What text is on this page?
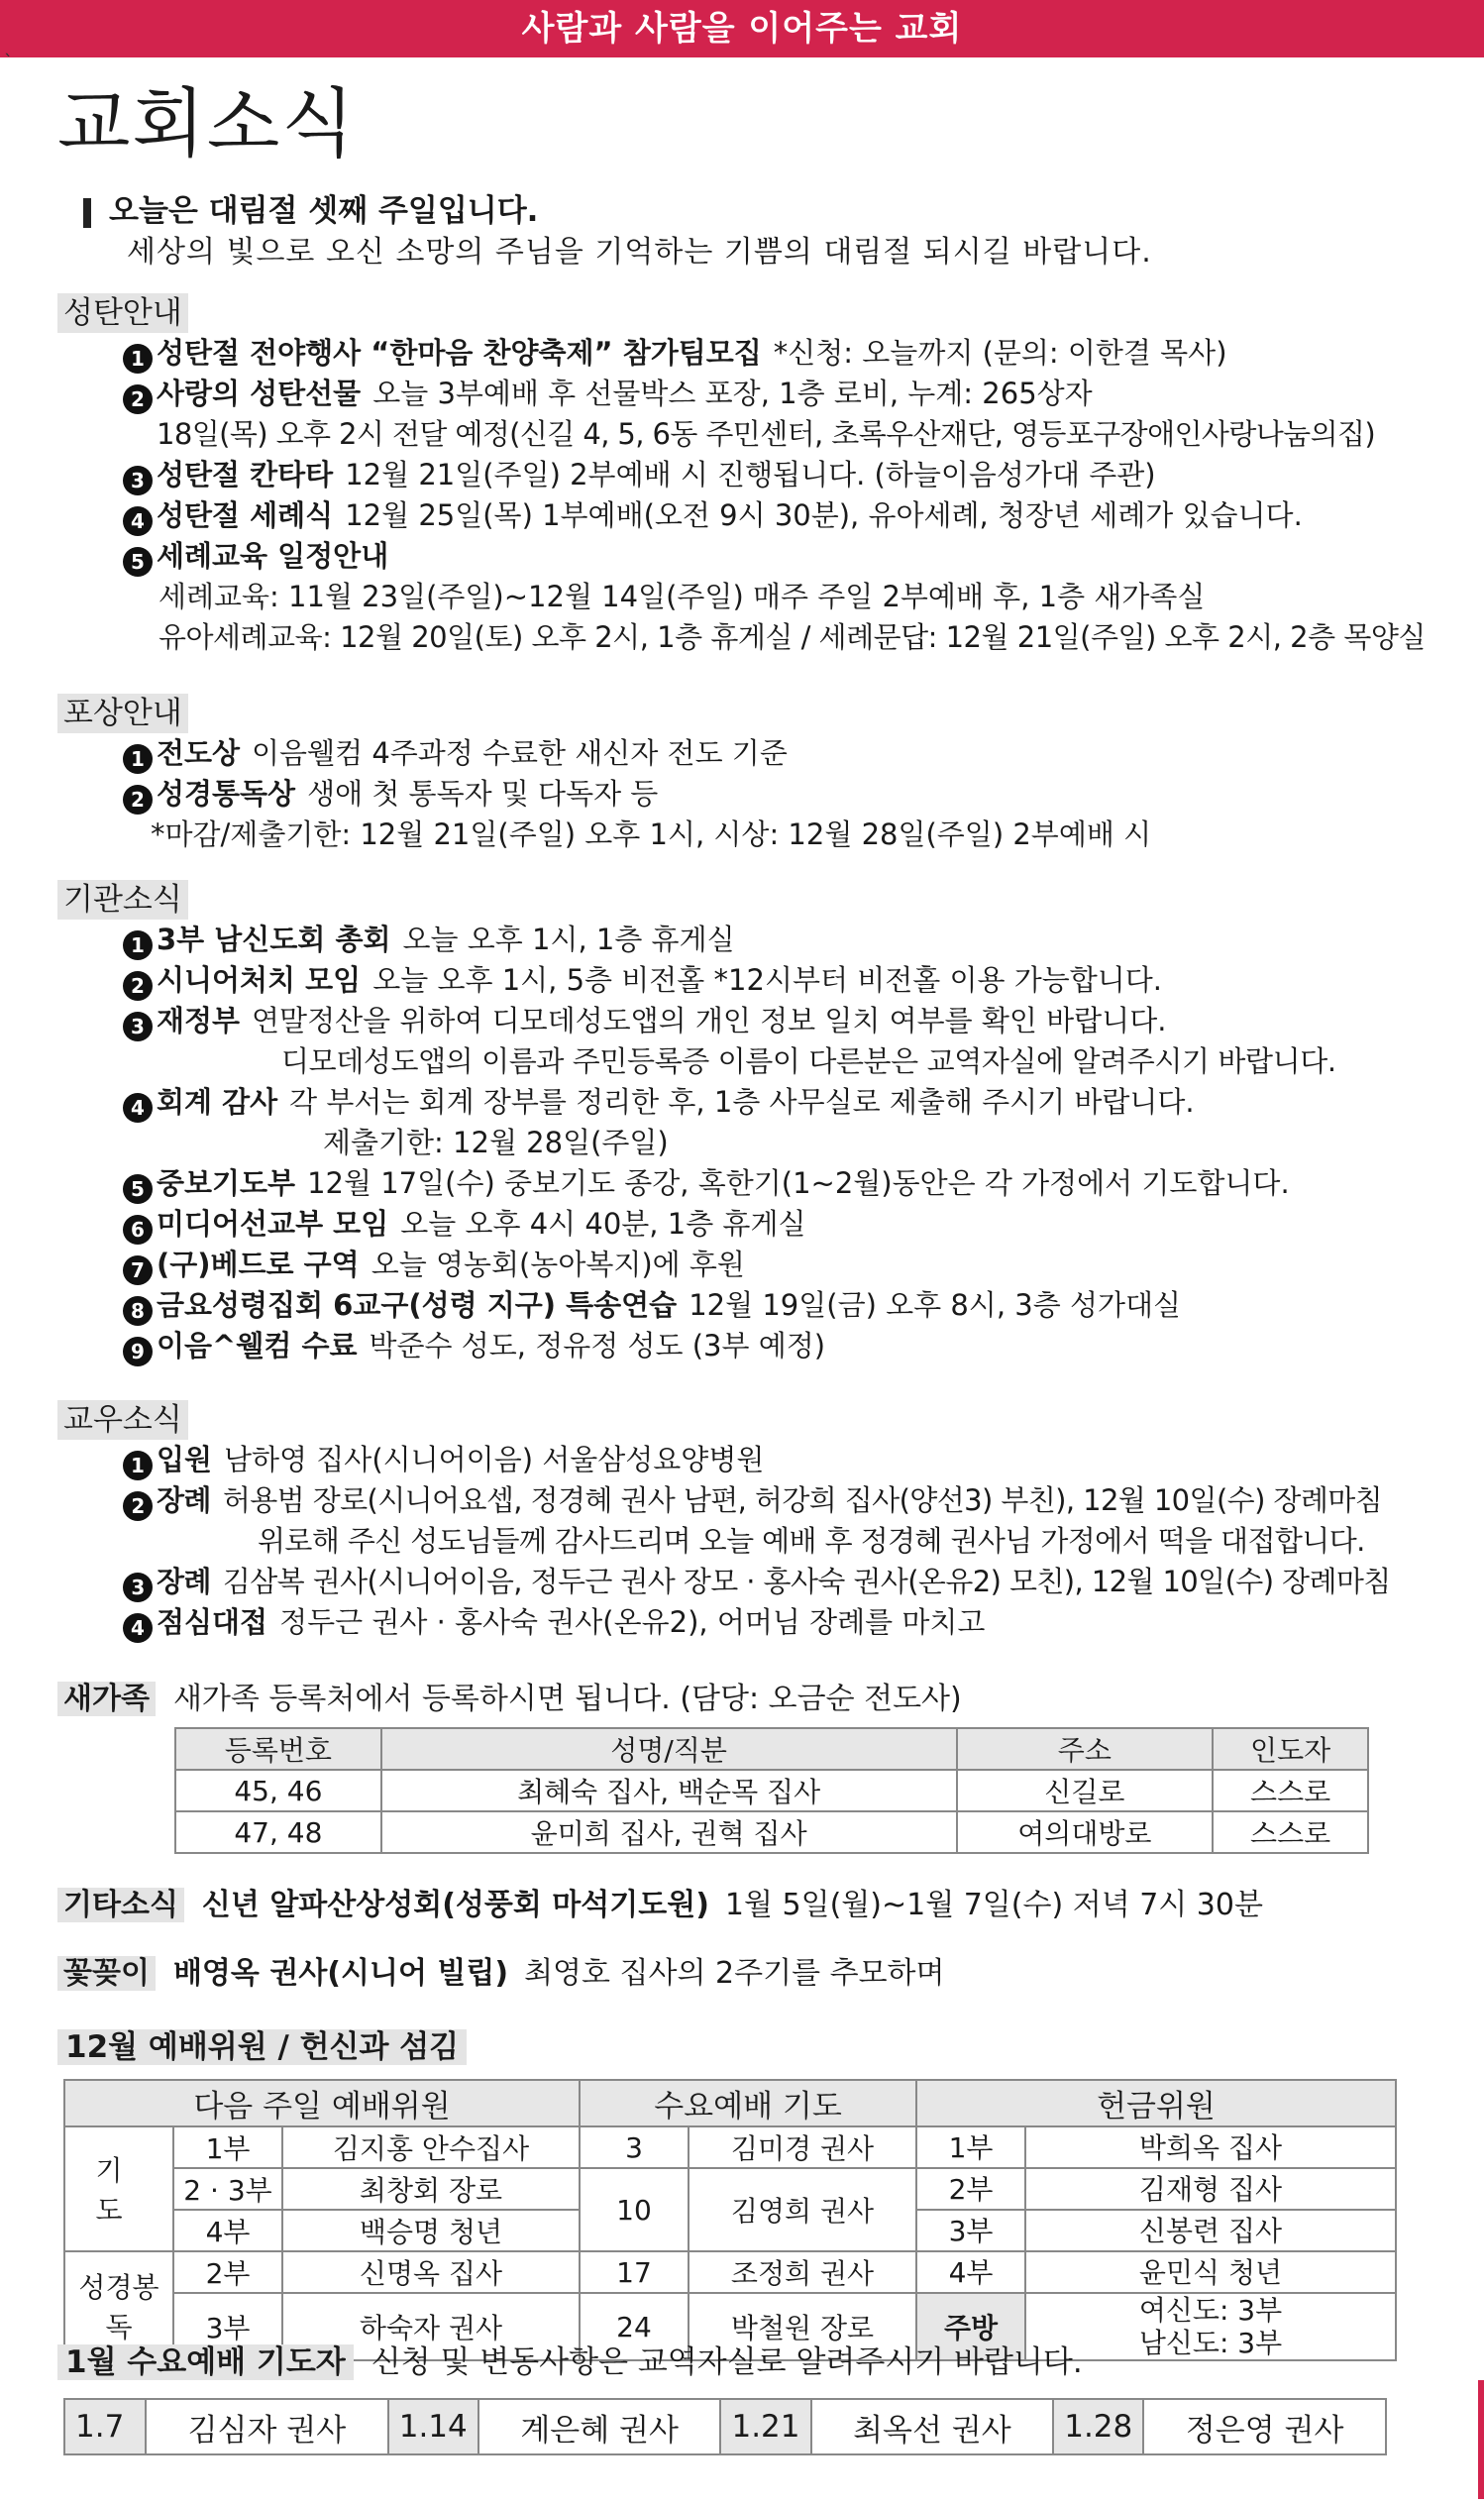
사람과 사람을 이어주는 교회
`
교회소식
오늘은 대림절 셋째 주일입니다.
세상의 빛으로 오신 소망의 주님을 기억하는 기쁨의 대림절 되시길 바랍니다.
성탄안내
1 성탄절 전야행사 “한마음 찬양축제” 참가팀모집 *신청: 오늘까지 (문의: 이한결 목사)
2 사랑의 성탄선물 오늘 3부예배 후 선물박스 포장, 1층 로비, 누계: 265상자
18일(목) 오후 2시 전달 예정(신길 4, 5, 6동 주민센터, 초록우산재단, 영등포구장애인사랑나눔의집)
3 성탄절 칸타타 12월 21일(주일) 2부예배 시 진행됩니다. (하늘이음성가대 주관)
4 성탄절 세례식 12월 25일(목) 1부예배(오전 9시 30분), 유아세례, 청장년 세례가 있습니다.
5 세례교육 일정안내
세례교육: 11월 23일(주일)~12월 14일(주일) 매주 주일 2부예배 후, 1층 새가족실
유아세례교육: 12월 20일(토) 오후 2시, 1층 휴게실 / 세례문답: 12월 21일(주일) 오후 2시, 2층 목양실
포상안내
1 전도상 이음웰컴 4주과정 수료한 새신자 전도 기준
2 성경통독상 생애 첫 통독자 및 다독자 등
*마감/제출기한: 12월 21일(주일) 오후 1시, 시상: 12월 28일(주일) 2부예배 시
기관소식
1 3부 남신도회 총회 오늘 오후 1시, 1층 휴게실
2 시니어처치 모임 오늘 오후 1시, 5층 비전홀 *12시부터 비전홀 이용 가능합니다.
3 재정부 연말정산을 위하여 디모데성도앱의 개인 정보 일치 여부를 확인 바랍니다.
디모데성도앱의 이름과 주민등록증 이름이 다른분은 교역자실에 알려주시기 바랍니다.
4 회계 감사 각 부서는 회계 장부를 정리한 후, 1층 사무실로 제출해 주시기 바랍니다.
제출기한: 12월 28일(주일)
5 중보기도부 12월 17일(수) 중보기도 종강, 혹한기(1~2월)동안은 각 가정에서 기도합니다.
6 미디어선교부 모임 오늘 오후 4시 40분, 1층 휴게실
7 (구)베드로 구역 오늘 영농회(농아복지)에 후원
8 금요성령집회 6교구(성령 지구) 특송연습 12월 19일(금) 오후 8시, 3층 성가대실
9 이음^웰컴 수료 박준수 성도, 정유정 성도 (3부 예정)
교우소식
1 입원 남하영 집사(시니어이음) 서울삼성요양병원
2 장례 허용범 장로(시니어요셉, 정경혜 권사 남편, 허강희 집사(양선3) 부친), 12월 10일(수) 장례마침
위로해 주신 성도님들께 감사드리며 오늘 예배 후 정경혜 권사님 가정에서 떡을 대접합니다.
3 장례 김삼복 권사(시니어이음, 정두근 권사 장모 · 홍사숙 권사(온유2) 모친), 12월 10일(수) 장례마침
4 점심대접 정두근 권사 · 홍사숙 권사(온유2), 어머님 장례를 마치고
새가족 새가족 등록처에서 등록하시면 됩니다. (담당: 오금순 전도사)
등록번호	성명/직분	주소	인도자
45, 46	최혜숙 집사, 백순목 집사	신길로	스스로
47, 48	윤미희 집사, 권혁 집사	여의대방로	스스로
기타소식 신년 알파산상성회(성풍회 마석기도원) 1월 5일(월)~1월 7일(수) 저녁 7시 30분
꽃꽂이 배영옥 권사(시니어 빌립) 최영호 집사의 2주기를 추모하며
12월 예배위원 / 헌신과 섬김
다음 주일 예배위원			수요예배 기도		헌금위원	
기 도	1부	김지홍 안수집사	3	김미경 권사	1부	박희옥 집사
	2 · 3부	최창회 장로	10	김영희 권사	2부	김재형 집사
	4부	백승명 청년			3부	신봉련 집사
성경봉독	2부	신명옥 집사	17	조정희 권사	4부	윤민식 청년
	3부	하숙자 권사	24	박철원 장로	주방	여신도: 3부
남신도: 3부
1월 수요예배 기도자 신청 및 변동사항은 교역자실로 알려주시기 바랍니다.
1.7	김심자 권사	1.14	계은혜 권사	1.21	최옥선 권사	1.28	정은영 권사
